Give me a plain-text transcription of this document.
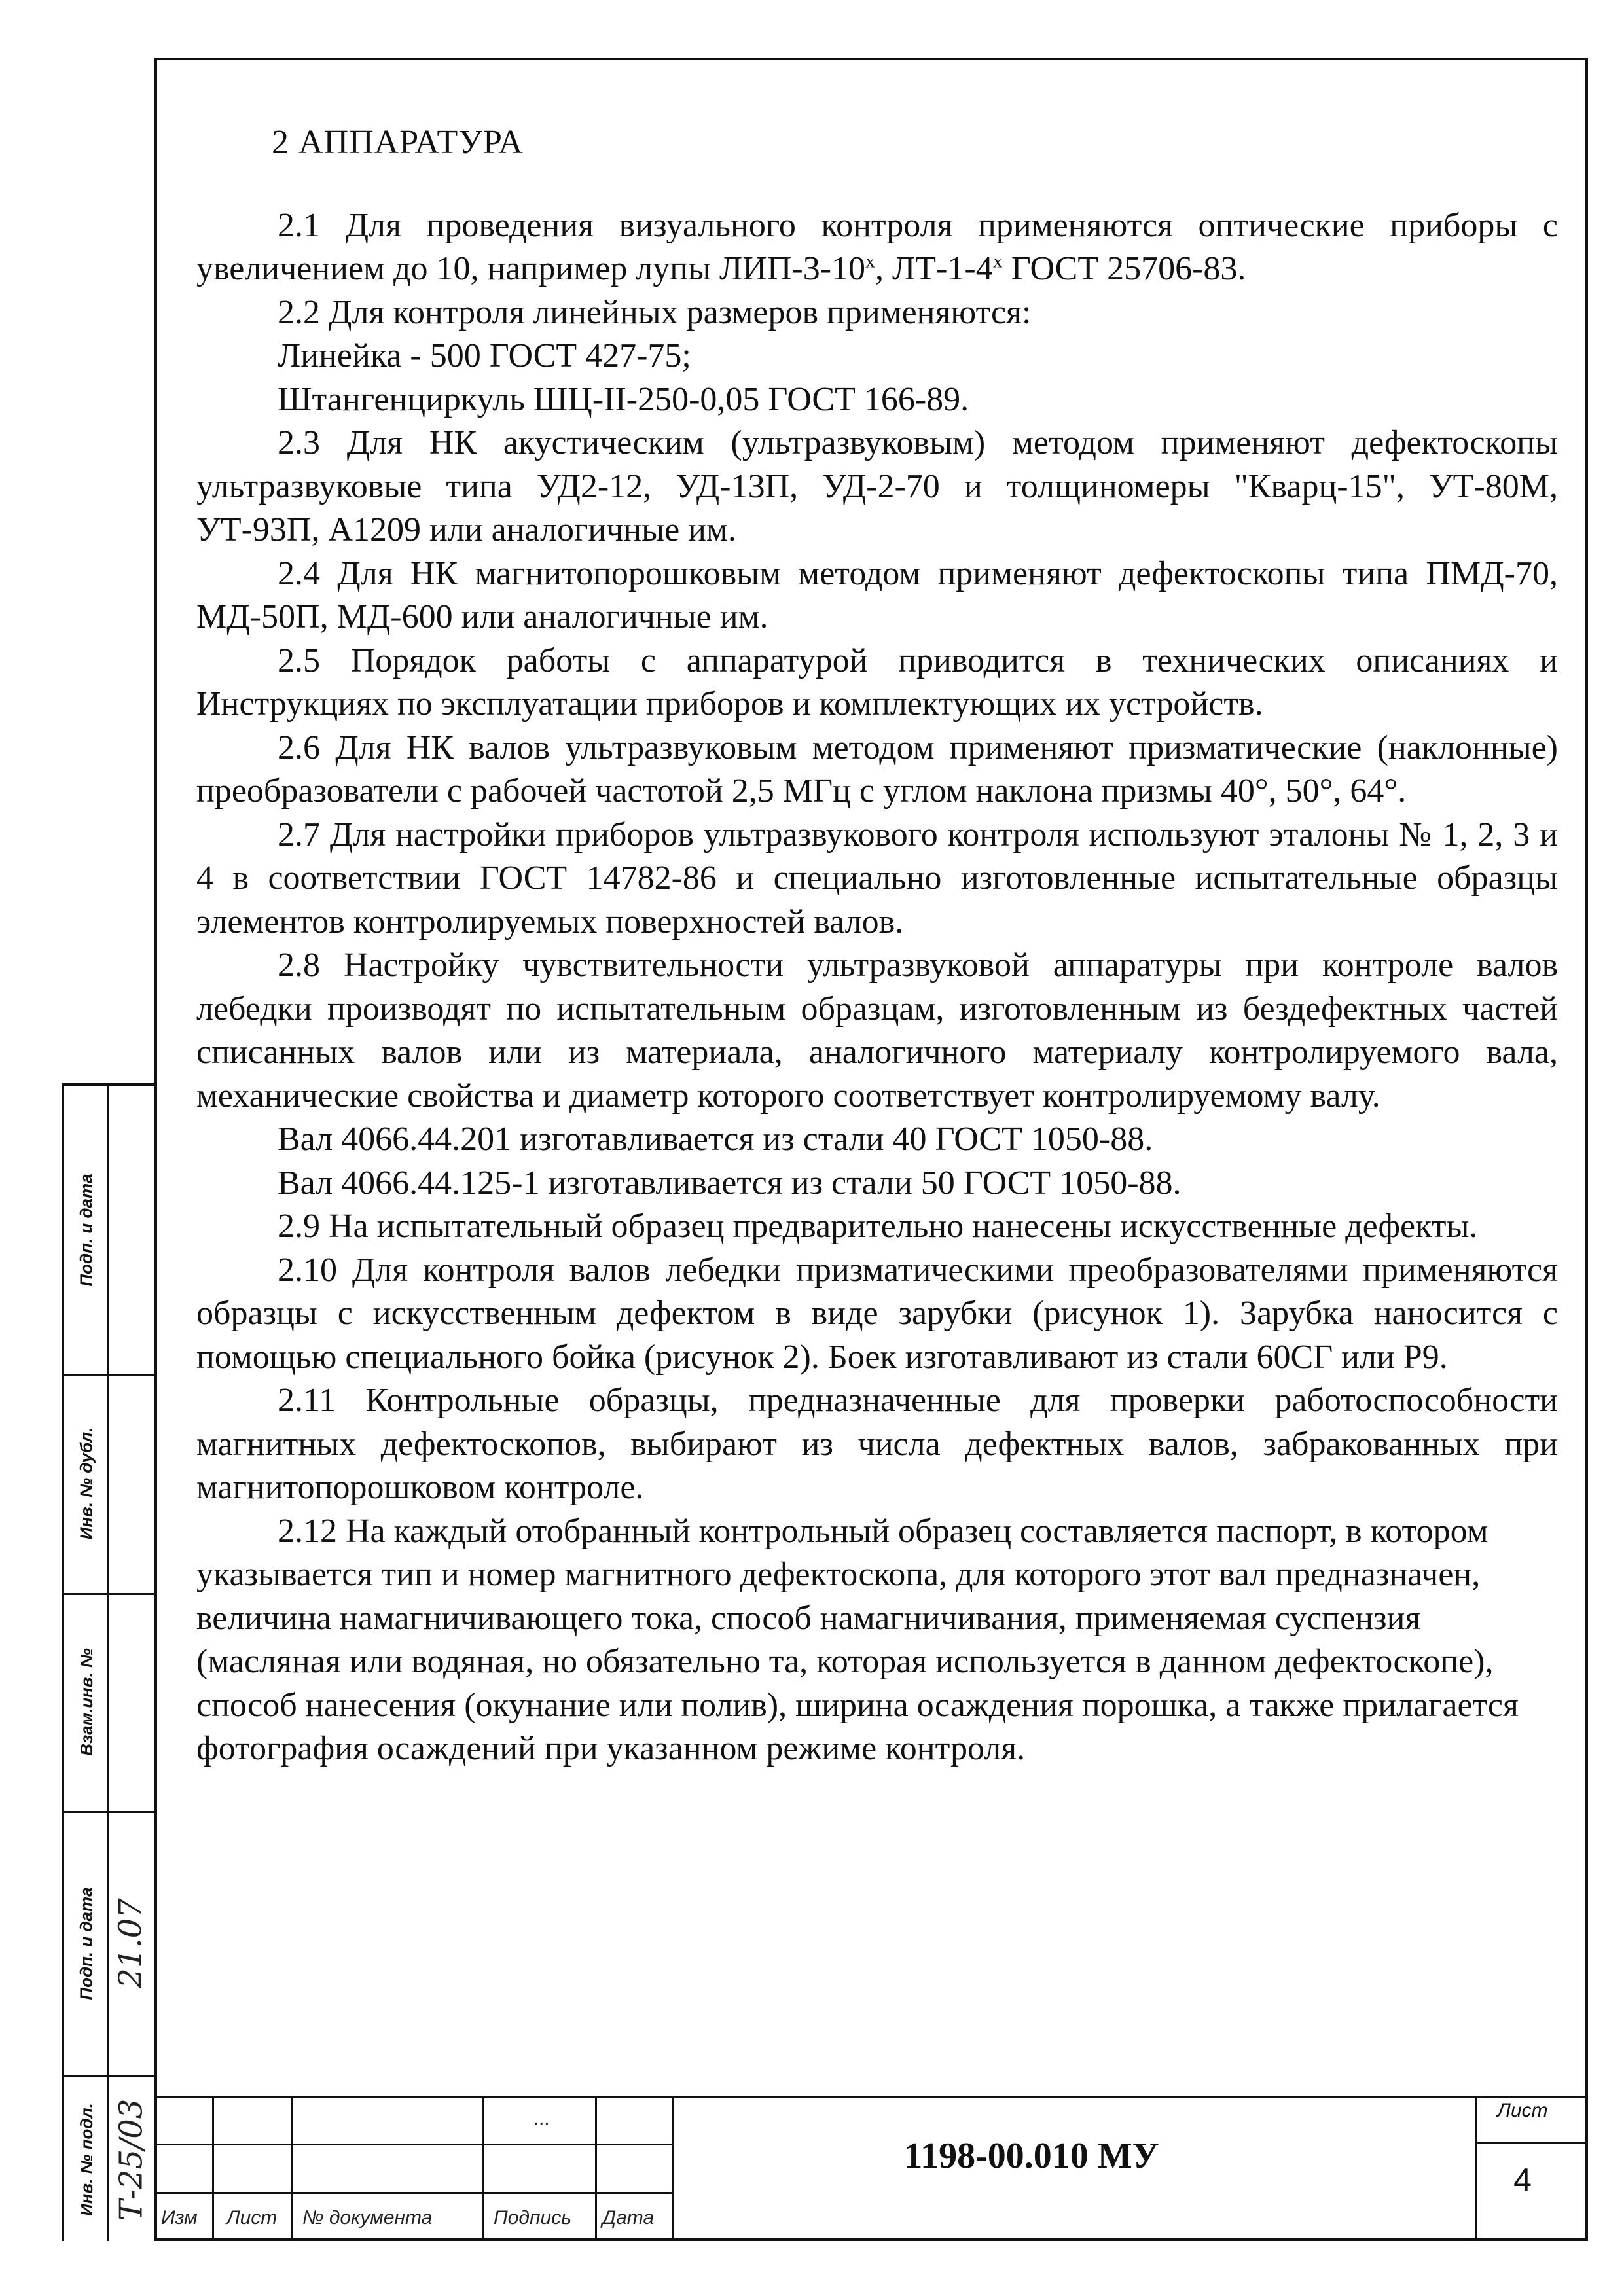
2 АППАРАТУРА

2.1 Для проведения визуального контроля применяются оптические приборы с увеличением до 10, например лупы ЛИП-3-10$^x$, ЛТ-1-4$^x$ ГОСТ 25706-83.

2.2 Для контроля линейных размеров применяются:

Линейка - 500 ГОСТ 427-75;

Штангенциркуль ШЦ-II-250-0,05 ГОСТ 166-89.

2.3 Для НК акустическим (ультразвуковым) методом применяют дефектоскопы ультразвуковые типа УД2-12, УД-13П, УД-2-70 и толщиномеры "Кварц-15", УТ-80М, УТ-93П, А1209 или аналогичные им.

2.4 Для НК магнитопорошковым методом применяют дефектоскопы типа ПМД-70, МД-50П, МД-600 или аналогичные им.

2.5 Порядок работы с аппаратурой приводится в технических описаниях и Инструкциях по эксплуатации приборов и комплектующих их устройств.

2.6 Для НК валов ультразвуковым методом применяют призматические (наклонные) преобразователи с рабочей частотой 2,5 МГц с углом наклона призмы 40°, 50°, 64°.

2.7 Для настройки приборов ультразвукового контроля используют эталоны № 1, 2, 3 и 4 в соответствии ГОСТ 14782-86 и специально изготовленные испытательные образцы элементов контролируемых поверхностей валов.

2.8 Настройку чувствительности ультразвуковой аппаратуры при контроле валов лебедки производят по испытательным образцам, изготовленным из бездефектных частей списанных валов или из материала, аналогичного материалу контролируемого вала, механические свойства и диаметр которого соответствует контролируемому валу.

Вал 4066.44.201 изготавливается из стали 40 ГОСТ 1050-88.

Вал 4066.44.125-1 изготавливается из стали 50 ГОСТ 1050-88.

2.9 На испытательный образец предварительно нанесены искусственные дефекты.

2.10 Для контроля валов лебедки призматическими преобразователями применяются образцы с искусственным дефектом в виде зарубки (рисунок 1). Зарубка наносится с помощью специального бойка (рисунок 2). Боек изготавливают из стали 60СГ или Р9.

2.11 Контрольные образцы, предназначенные для проверки работоспособности магнитных дефектоскопов, выбирают из числа дефектных валов, забракованных при магнитопорошковом контроле.

2.12 На каждый отобранный контрольный образец составляется паспорт, в котором указывается тип и номер магнитного дефектоскопа, для которого этот вал предназначен, величина намагничивающего тока, способ намагничивания, применяемая суспензия (масляная или водяная, но обязательно та, которая используется в данном дефектоскопе), способ нанесения (окунание или полив), ширина осаждения порошка, а также прилагается фотография осаждений при указанном режиме контроля.

Подп. и дата
Инв. № дубл.
Взам.инв. №
Подп. и дата
Инв. № подл.
21.07
Т-25/03	...
Изм Лист № документа	Подпись Дата
1198-00.010 МУ
Лист
4
